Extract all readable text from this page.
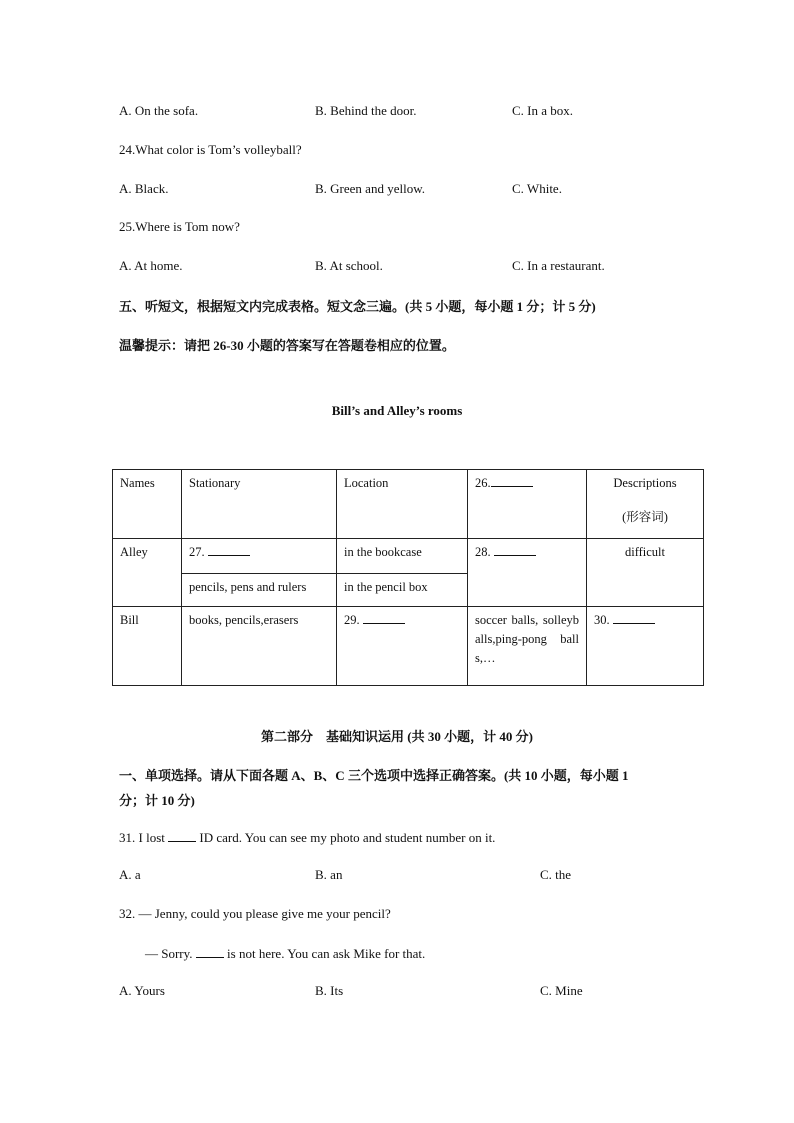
A. On the sofa.	B. Behind the door.	C. In a box.
24.What color is Tom’s volleyball?
A. Black.	B. Green and yellow.	C. White.
25.Where is Tom now?
A. At home.	B. At school.	C. In a restaurant.
五、听短文，根据短文内完成表格。短文念三遍。(共 5 小题，每小题 1 分；计 5 分)
温馨提示：请把 26-30 小题的答案写在答题卷相应的位置。
Bill’s and Alley’s rooms
Names	Stationary	Location	26.	Descriptions
(形容词)

Alley	27.	in the bookcase	28.	difficult
	pencils, pens and rulers	in the pencil box		
Bill	books, pencils,erasers	29.	soccer balls, solleyballs,ping-pong balls,…	30.
第二部分　基础知识运用 (共 30 小题，计 40 分)
一、单项选择。请从下面各题 A、B、C 三个选项中选择正确答案。(共 10 小题，每小题 1
分；计 10 分)
31. I lost  ID card. You can see my photo and student number on it.
A. a	B. an	C. the
32. — Jenny, could you please give me your pencil?
— Sorry.  is not here. You can ask Mike for that.
A. Yours	B. Its	C. Mine
